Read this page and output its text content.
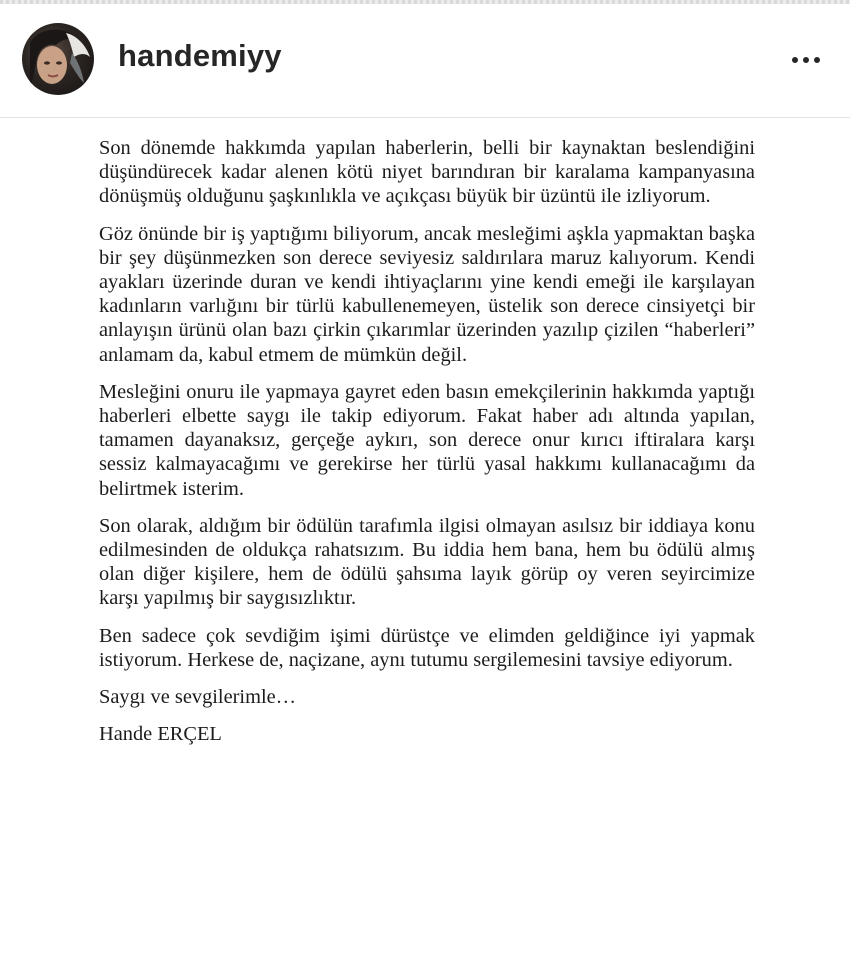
handemiyy

Son dönemde hakkımda yapılan haberlerin, belli bir kaynaktan beslendiğini düşündürecek kadar alenen kötü niyet barındıran bir karalama kampanyasına dönüşmüş olduğunu şaşkınlıkla ve açıkçası büyük bir üzüntü ile izliyorum.

Göz önünde bir iş yaptığımı biliyorum, ancak mesleğimi aşkla yapmaktan başka bir şey düşünmezken son derece seviyesiz saldırılara maruz kalıyorum. Kendi ayakları üzerinde duran ve kendi ihtiyaçlarını yine kendi emeği ile karşılayan kadınların varlığını bir türlü kabullenemeyen, üstelik son derece cinsiyetçi bir anlayışın ürünü olan bazı çirkin çıkarımlar üzerinden yazılıp çizilen “haberleri” anlamam da, kabul etmem de mümkün değil.

Mesleğini onuru ile yapmaya gayret eden basın emekçilerinin hakkımda yaptığı haberleri elbette saygı ile takip ediyorum. Fakat haber adı altında yapılan, tamamen dayanaksız, gerçeğe aykırı, son derece onur kırıcı iftiralara karşı sessiz kalmayacağımı ve gerekirse her türlü yasal hakkımı kullanacağımı da belirtmek isterim.

Son olarak, aldığım bir ödülün tarafımla ilgisi olmayan asılsız bir iddiaya konu edilmesinden de oldukça rahatsızım. Bu iddia hem bana, hem bu ödülü almış olan diğer kişilere, hem de ödülü şahsıma layık görüp oy veren seyircimize karşı yapılmış bir saygısızlıktır.

Ben sadece çok sevdiğim işimi dürüstçe ve elimden geldiğince iyi yapmak istiyorum. Herkese de, naçizane, aynı tutumu sergilemesini tavsiye ediyorum.

Saygı ve sevgilerimle…

Hande ERÇEL
